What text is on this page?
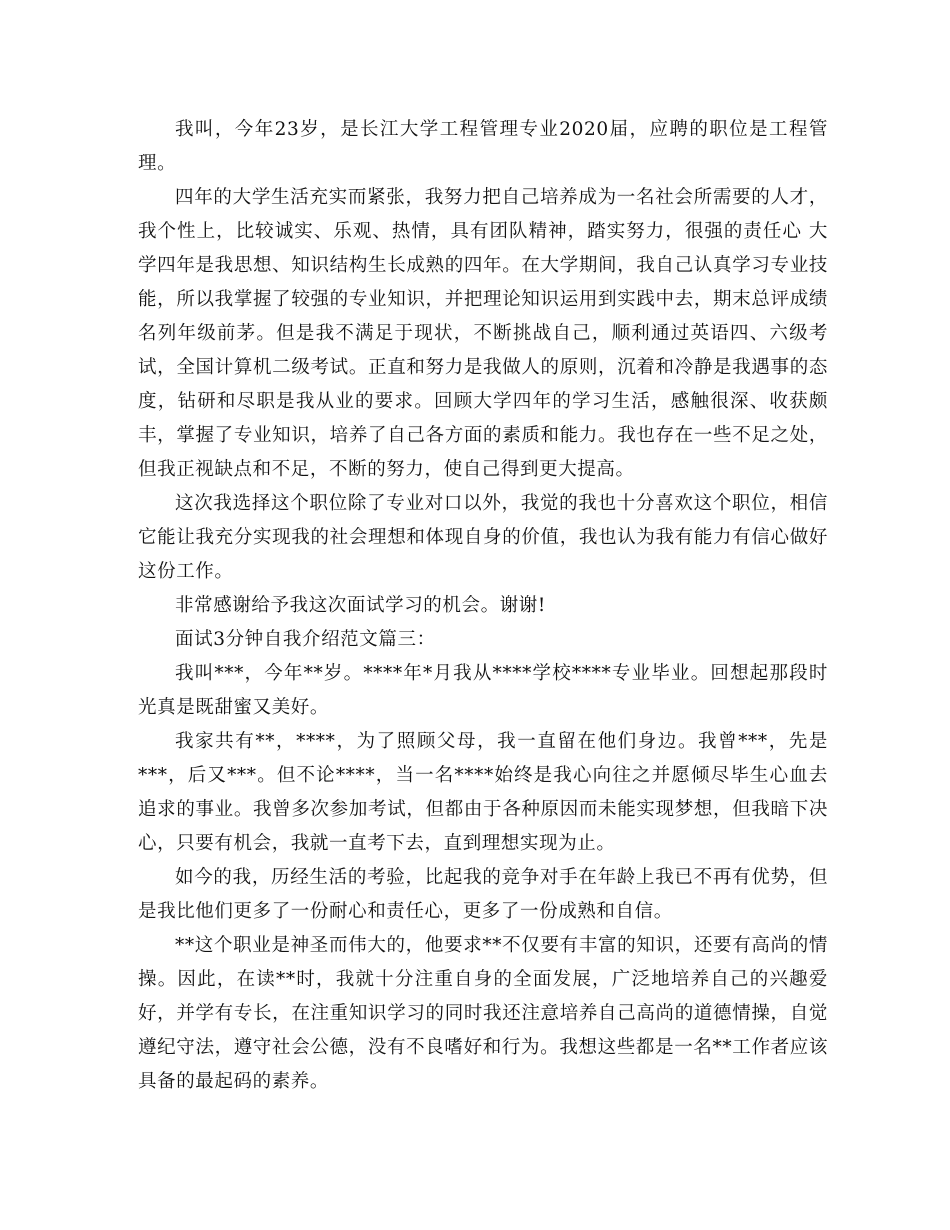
我叫，今年23岁，是长江大学工程管理专业2020届，应聘的职位是工程管理。

四年的大学生活充实而紧张，我努力把自己培养成为一名社会所需要的人才，我个性上，比较诚实、乐观、热情，具有团队精神，踏实努力，很强的责任心 大学四年是我思想、知识结构生长成熟的四年。在大学期间，我自己认真学习专业技能，所以我掌握了较强的专业知识，并把理论知识运用到实践中去，期末总评成绩名列年级前茅。但是我不满足于现状，不断挑战自己，顺利通过英语四、六级考试，全国计算机二级考试。正直和努力是我做人的原则，沉着和冷静是我遇事的态度，钻研和尽职是我从业的要求。回顾大学四年的学习生活，感触很深、收获颇丰，掌握了专业知识，培养了自己各方面的素质和能力。我也存在一些不足之处，但我正视缺点和不足，不断的努力，使自己得到更大提高。

这次我选择这个职位除了专业对口以外，我觉的我也十分喜欢这个职位，相信它能让我充分实现我的社会理想和体现自身的价值，我也认为我有能力有信心做好这份工作。

非常感谢给予我这次面试学习的机会。谢谢!

面试3分钟自我介绍范文篇三：

我叫***，今年**岁。****年*月我从****学校****专业毕业。回想起那段时光真是既甜蜜又美好。

我家共有**，****，为了照顾父母，我一直留在他们身边。我曾***，先是***，后又***。但不论****，当一名****始终是我心向往之并愿倾尽毕生心血去追求的事业。我曾多次参加考试，但都由于各种原因而未能实现梦想，但我暗下决心，只要有机会，我就一直考下去，直到理想实现为止。

如今的我，历经生活的考验，比起我的竞争对手在年龄上我已不再有优势，但是我比他们更多了一份耐心和责任心，更多了一份成熟和自信。

**这个职业是神圣而伟大的，他要求**不仅要有丰富的知识，还要有高尚的情操。因此，在读**时，我就十分注重自身的全面发展，广泛地培养自己的兴趣爱好，并学有专长，在注重知识学习的同时我还注意培养自己高尚的道德情操，自觉遵纪守法，遵守社会公德，没有不良嗜好和行为。我想这些都是一名**工作者应该具备的最起码的素养。
